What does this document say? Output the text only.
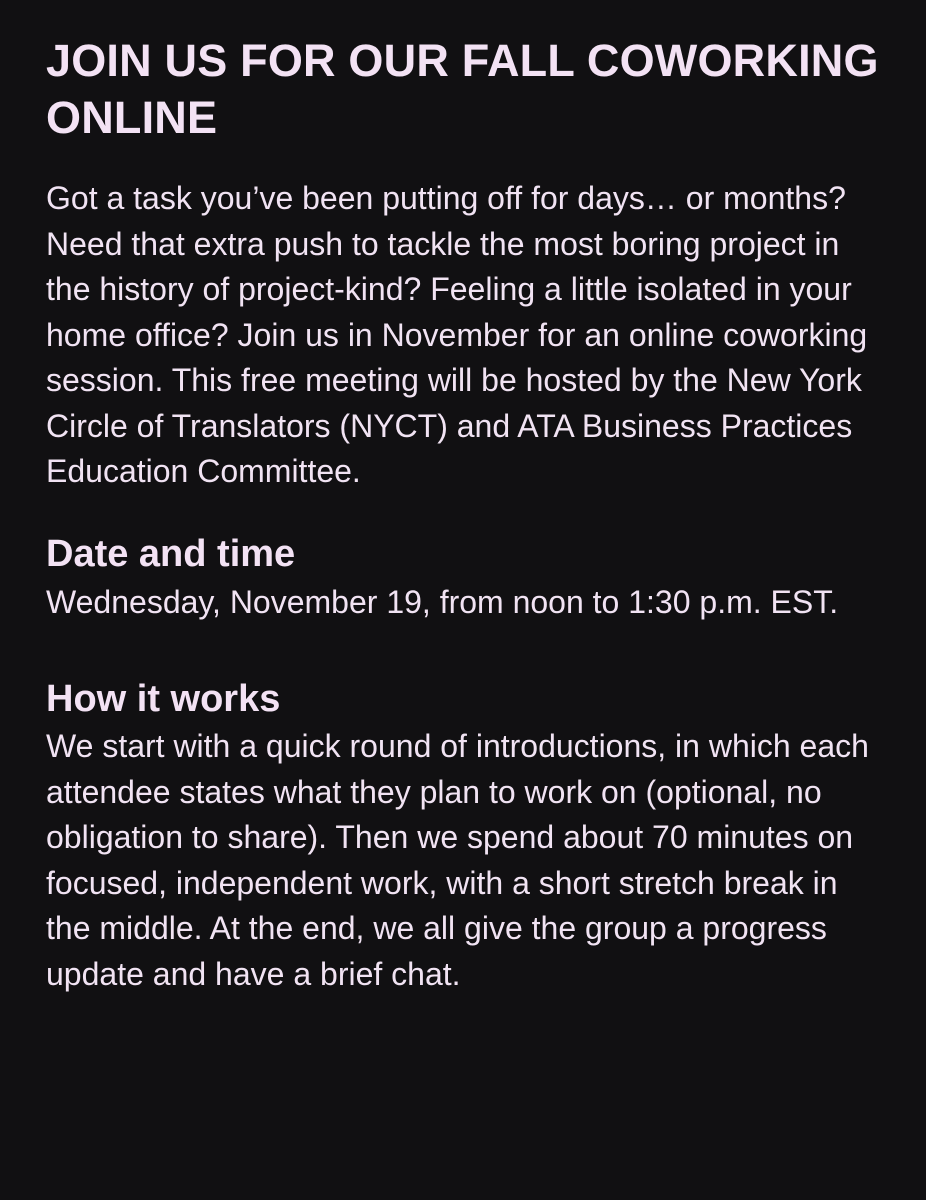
JOIN US FOR OUR FALL COWORKING ONLINE

Got a task you’ve been putting off for days… or months? Need that extra push to tackle the most boring project in the history of project-kind? Feeling a little isolated in your home office? Join us in November for an online coworking session. This free meeting will be hosted by the New York Circle of Translators (NYCT) and ATA Business Practices Education Committee.

Date and time

Wednesday, November 19, from noon to 1:30 p.m. EST.

How it works

We start with a quick round of introductions, in which each attendee states what they plan to work on (optional, no obligation to share). Then we spend about 70 minutes on focused, independent work, with a short stretch break in the middle. At the end, we all give the group a progress update and have a brief chat.
